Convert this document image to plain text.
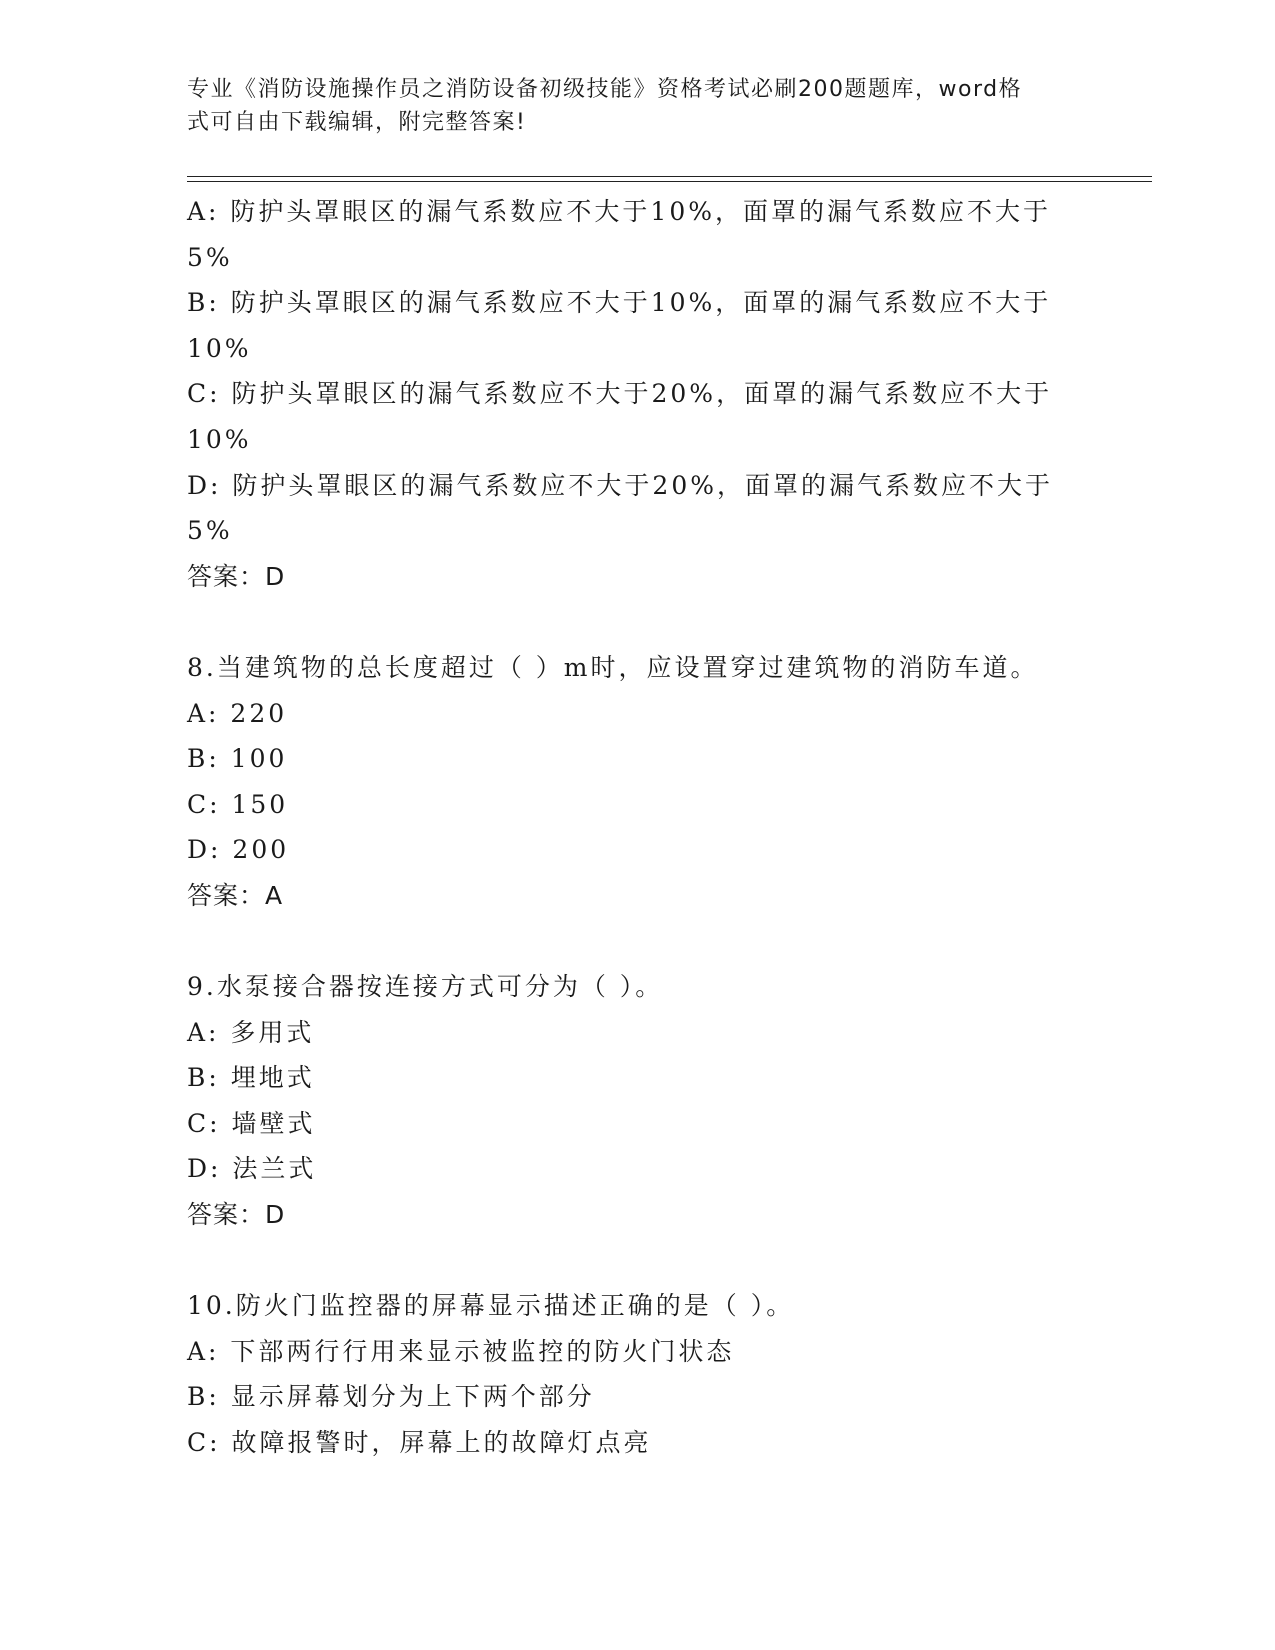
专业《消防设施操作员之消防设备初级技能》资格考试必刷200题题库，word格
式可自由下载编辑，附完整答案!
A: 防护头罩眼区的漏气系数应不大于10%，面罩的漏气系数应不大于
5%
B: 防护头罩眼区的漏气系数应不大于10%，面罩的漏气系数应不大于
10%
C: 防护头罩眼区的漏气系数应不大于20%，面罩的漏气系数应不大于
10%
D: 防护头罩眼区的漏气系数应不大于20%，面罩的漏气系数应不大于
5%
答案：D
8.当建筑物的总长度超过（ ）m时，应设置穿过建筑物的消防车道。
A: 220
B: 100
C: 150
D: 200
答案：A
9.水泵接合器按连接方式可分为（ ）。
A: 多用式
B: 埋地式
C: 墙壁式
D: 法兰式
答案：D
10.防火门监控器的屏幕显示描述正确的是（ ）。
A: 下部两行行用来显示被监控的防火门状态
B: 显示屏幕划分为上下两个部分
C: 故障报警时，屏幕上的故障灯点亮
